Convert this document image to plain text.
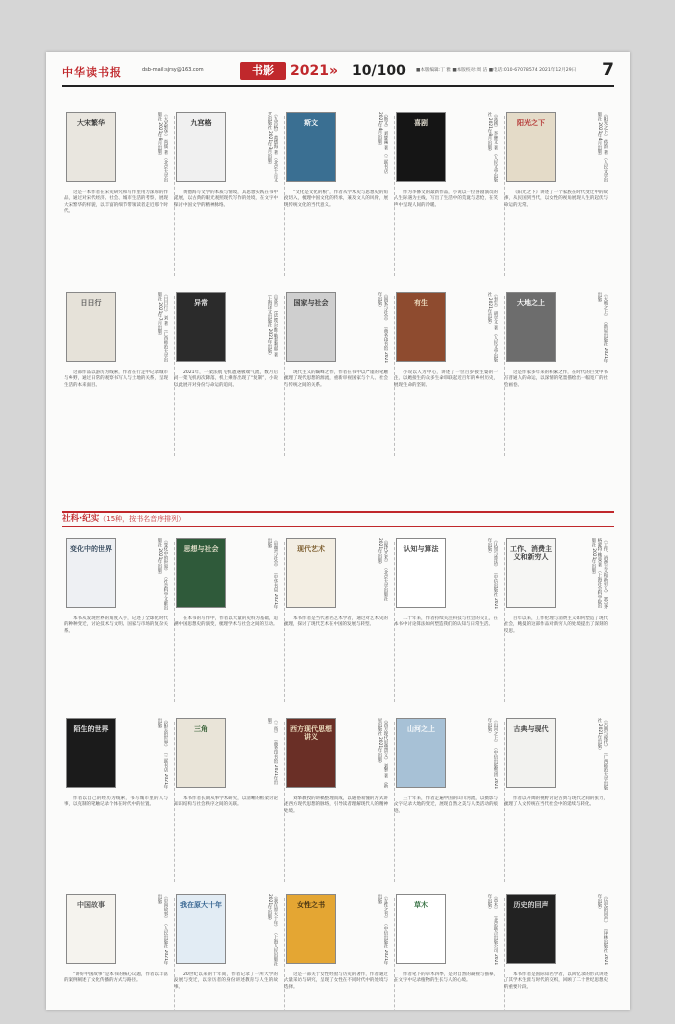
中华读书报	dsb-mail:sjrsy@163.com	书影	2021» 10/100 ■本版编辑:丁 雅 ■本版校对:周 洁 ■电话:010-67078574 2021年12月29日 7
大宋繁华	《大宋繁华》 尚儒 著 （北京大学出版社 2021年8月出版）
这是一本作者在宋史研究和写作里用力深厚的作品，通过对宋代经济、社会、城市生活的考察，展现大宋繁华的样貌，以丰富的细节带领读者走近那个时代。
九宫格	《九宫格》 黄德海 著 （北京十月文艺出版社 2021年3月出版）
黄德海写文学的本质与情境，其思想实践在书中延展，以古典的眼光观照现代写作的处境，在文字中探讨中国文学的精神脉络。
斯文	《斯文》 刘梦溪 著 （三联书店 2021年4月出版）
“文化是文化的根”，作者从学术史与思想史的角度切入，梳理中国文化的传承，兼及文人的风骨，展现传统文化的当代意义。
喜剧	《喜剧》 李修文 著 （人民文学出版社 2021年8月出版）
作为李修文的最新作品，小说以一位喜剧演员的人生际遇为主线，写出了生活中的荒诞与悲怆，在笑声中呈现人间的冷暖。
阳光之下	《阳光之下》 蒋韵 著 （人民文学出版社 2021年4月出版）
《阳光之下》讲述了一个家族在时代变迁中的故事，从民国到当代，以女性的视角展现人生的起伏与命运的无常。
日日行	《日日行》 刘 著 （广西师范大学出版社 2021年7月出版）
这部作品以游历为线索，作者在行走中记录城市与乡野，通过日常的观察书写人与土地的关系，呈现生活的本来面目。
异常	《异常》 [法]埃尔维·勒泰利耶 著 （上海译文出版社 2021年出版）
2021年，一架法航飞机遭遇极端气流，数月后同一架飞机再次降落，机上乘客出现了“复制”，小说以此展开对身份与命运的追问。
国家与社会	《国家与社会》 （商务印书馆 2021年出版）
现代主义的巅峰之作，作者在书中以严谨的笔触梳理了现代思想的源流，重新审视国家与个人、社会与传统之间的关系。
有生	《有生》 胡学文 著 （人民文学出版社 2021年出版）
小说以人为中心，讲述了一位百岁接生婆的一生，以她接生的众多生命串联起近百年的乡村历史，展现生命的坚韧。
大地之上	《大地之上》 （新星出版社 2021年出版）
这是作家多年来的积累之作，在时代的巨变中书写普通人的命运，以深情的笔墨描绘出一幅宽广的社会画卷。
变化中的世界	《变化中的世界》 （社会科学文献出版社 2021年出版）
本书从发现世界的角度入手，记述了全球化时代的种种变迁，讨论技术与文明、国家与市场的复杂关系。
思想与社会	《思想与社会》 （中华书局 2021年出版）
在本书的写作中，作者以大量的史料为基础，追溯中国思想史的演变，梳理学术与社会之间的互动。
现代艺术	《现代艺术》 （北京大学出版社 2021年出版）
本书作者是当代著名艺术学者，通过对艺术史的梳理，探讨了现代艺术在中国的发展与转型。
认知与算法	《认知与算法》 （中信出版社 2021年出版）
二十年来，作者持续关注科技与社会的交汇，在本书中讨论算法如何塑造我们的认知与日常生活。
工作、消费主义和新穷人	《工作、消费主义和新穷人》 [英]齐格蒙特·鲍曼 著 （上海社会科学院出版社 2021年出版）
百年以来，工作伦理与消费主义如何塑造了现代社会，鲍曼的这部作品对新穷人的处境提出了深刻的反思。
陌生的世界	《陌生的世界》 （三联书店 2021年出版）
作者以自己的经历为线索，书写城市里的人与事，以克制的笔触记录个体在时代中的位置。
三角	《三角》 （商务印书馆 2021年出版）
本书作者长期从事学术研究，以清晰的框架讨论知识结构与社会秩序之间的关联。
西方现代思想讲义	《西方现代思想讲义》 刘擎 著 （新星出版社 2021年出版）
刘擎教授的讲稿整理而成，以通俗易懂的方式讲述西方现代思想的脉络，引导读者理解现代人的精神处境。
山河之上	《山河之上》 （中信出版集团 2021年出版）
三十年来，作者走遍中国的山川河流，以摄影与文字记录大地的变迁，展现自然之美与人类活动的痕迹。
古典与现代	《古典与现代》 （广西师范大学出版社 2021年出版）
作者以开阔的视野讨论古典与现代之间的张力，梳理了人文传统在当代社会中的延续与转化。
中国故事	《中国故事》 （人民出版社 2021年出版）
“讲好中国故事”是本书的核心议题，作者以丰富的案例阐述了文化传播的方式与路径。
我在原大十年	《我在原大十年》 （上海人民出版社 2021年出版）
20世纪以来的十年间，作者记录了一所大学的发展与变迁，以亲历者的身份讲述教育与人生的故事。
女性之书	《女性之书》 （中信出版社 2021年出版）
这是一部关于女性经验与历史的著作，作者通过大量采访与研究，呈现了女性在不同时代中的处境与选择。
草木	《草木》 （北京联合出版公司 2021年出版）
作者笔下的草木四季，是对自然的凝视与描摹，在文字中记录植物的生长与人的心境。
历史的回声	《历史的回声》 （译林出版社 2021年出版）
本书作者是国际知名学者，以回忆录的形式讲述了其学术生涯与时代的交织，回顾了二十世纪思想史的重要片段。
社科·纪实（15种，按书名音序排列）
